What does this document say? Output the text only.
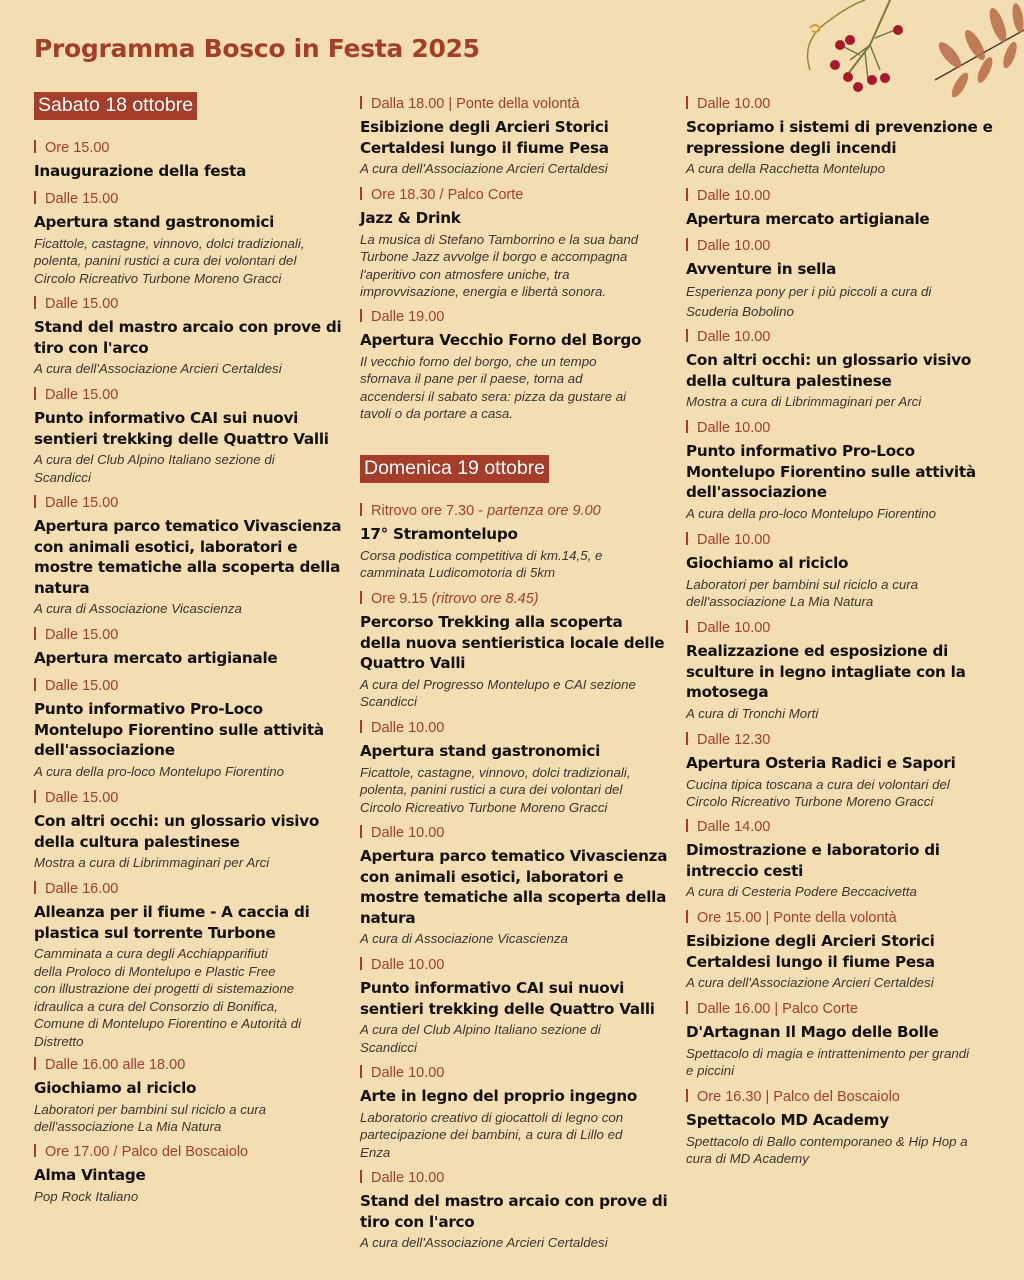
Programma Bosco in Festa 2025
Sabato 18 ottobre
Ore 15.00
Inaugurazione della festa
Dalle 15.00
Apertura stand gastronomici
Ficattole, castagne, vinnovo, dolci tradizionali,
polenta, panini rustici a cura dei volontari del
Circolo Ricreativo Turbone Moreno Gracci
Dalle 15.00
Stand del mastro arcaio con prove di
tiro con l'arco
A cura dell'Associazione Arcieri Certaldesi
Dalle 15.00
Punto informativo CAI sui nuovi
sentieri trekking delle Quattro Valli
A cura del Club Alpino Italiano sezione di
Scandicci
Dalle 15.00
Apertura parco tematico Vivascienza
con animali esotici, laboratori e
mostre tematiche alla scoperta della
natura
A cura di Associazione Vicascienza
Dalle 15.00
Apertura mercato artigianale
Dalle 15.00
Punto informativo Pro-Loco
Montelupo Fiorentino sulle attività
dell'associazione
A cura della pro-loco Montelupo Fiorentino
Dalle 15.00
Con altri occhi: un glossario visivo
della cultura palestinese
Mostra a cura di Librimmaginari per Arci
Dalle 16.00
Alleanza per il fiume - A caccia di
plastica sul torrente Turbone
Camminata a cura degli Acchiapparifiuti
della Proloco di Montelupo e Plastic Free
con illustrazione dei progetti di sistemazione
idraulica a cura del Consorzio di Bonifica,
Comune di Montelupo Fiorentino e Autorità di
Distretto
Dalle 16.00 alle 18.00
Giochiamo al riciclo
Laboratori per bambini sul riciclo a cura
dell'associazione La Mia Natura
Ore 17.00 / Palco del Boscaiolo
Alma Vintage
Pop Rock Italiano
Dalla 18.00 | Ponte della volontà
Esibizione degli Arcieri Storici
Certaldesi lungo il fiume Pesa
A cura dell'Associazione Arcieri Certaldesi
Ore 18.30 / Palco Corte
Jazz & Drink
La musica di Stefano Tamborrino e la sua band
Turbone Jazz avvolge il borgo e accompagna
l'aperitivo con atmosfere uniche, tra
improvvisazione, energia e libertà sonora.
Dalle 19.00
Apertura Vecchio Forno del Borgo
Il vecchio forno del borgo, che un tempo
sfornava il pane per il paese, torna ad
accendersi il sabato sera: pizza da gustare ai
tavoli o da portare a casa.
Domenica 19 ottobre
Ritrovo ore 7.30 - partenza ore 9.00
17° Stramontelupo
Corsa podistica competitiva di km.14,5, e
camminata Ludicomotoria di 5km
Ore 9.15 (ritrovo ore 8.45)
Percorso Trekking alla scoperta
della nuova sentieristica locale delle
Quattro Valli
A cura del Progresso Montelupo e CAI sezione
Scandicci
Dalle 10.00
Apertura stand gastronomici
Ficattole, castagne, vinnovo, dolci tradizionali,
polenta, panini rustici a cura dei volontari del
Circolo Ricreativo Turbone Moreno Gracci
Dalle 10.00
Apertura parco tematico Vivascienza
con animali esotici, laboratori e
mostre tematiche alla scoperta della
natura
A cura di Associazione Vicascienza
Dalle 10.00
Punto informativo CAI sui nuovi
sentieri trekking delle Quattro Valli
A cura del Club Alpino Italiano sezione di
Scandicci
Dalle 10.00
Arte in legno del proprio ingegno
Laboratorio creativo di giocattoli di legno con
partecipazione dei bambini, a cura di Lillo ed
Enza
Dalle 10.00
Stand del mastro arcaio con prove di
tiro con l'arco
A cura dell'Associazione Arcieri Certaldesi
Dalle 10.00
Scopriamo i sistemi di prevenzione e
repressione degli incendi
A cura della Racchetta Montelupo
Dalle 10.00
Apertura mercato artigianale
Dalle 10.00
Avventure in sella
Esperienza pony per i più piccoli a cura di
Scuderia Bobolino
Dalle 10.00
Con altri occhi: un glossario visivo
della cultura palestinese
Mostra a cura di Librimmaginari per Arci
Dalle 10.00
Punto informativo Pro-Loco
Montelupo Fiorentino sulle attività
dell'associazione
A cura della pro-loco Montelupo Fiorentino
Dalle 10.00
Giochiamo al riciclo
Laboratori per bambini sul riciclo a cura
dell'associazione La Mia Natura
Dalle 10.00
Realizzazione ed esposizione di
sculture in legno intagliate con la
motosega
A cura di Tronchi Morti
Dalle 12.30
Apertura Osteria Radici e Sapori
Cucina tipica toscana a cura dei volontari del
Circolo Ricreativo Turbone Moreno Gracci
Dalle 14.00
Dimostrazione e laboratorio di
intreccio cesti
A cura di Cesteria Podere Beccacivetta
Ore 15.00 | Ponte della volontà
Esibizione degli Arcieri Storici
Certaldesi lungo il fiume Pesa
A cura dell'Associazione Arcieri Certaldesi
Dalle 16.00 | Palco Corte
D'Artagnan Il Mago delle Bolle
Spettacolo di magia e intrattenimento per grandi
e piccini
Ore 16.30 | Palco del Boscaiolo
Spettacolo MD Academy
Spettacolo di Ballo contemporaneo & Hip Hop a
cura di MD Academy
